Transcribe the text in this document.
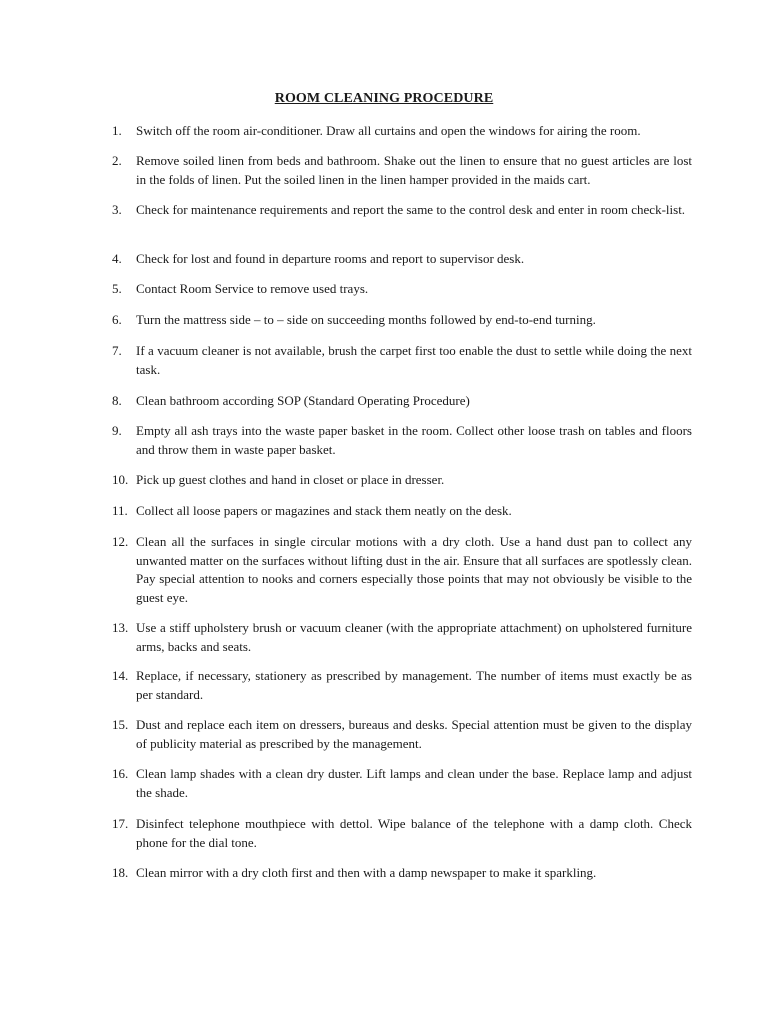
ROOM CLEANING PROCEDURE
1.	Switch off the room air-conditioner. Draw all curtains and open the windows for airing the room.
2.	Remove soiled linen from beds and bathroom. Shake out the linen to ensure that no guest articles are lost in the folds of linen. Put the soiled linen in the linen hamper provided in the maids cart.
3.	Check for maintenance requirements and report the same to the control desk and enter in room check-list.
4.	Check for lost and found in departure rooms and report to supervisor desk.
5.	Contact Room Service to remove used trays.
6.	Turn the mattress side – to – side on succeeding months followed by end-to-end turning.
7.	If a vacuum cleaner is not available, brush the carpet first too enable the dust to settle while doing the next task.
8.	Clean bathroom according SOP (Standard Operating Procedure)
9.	Empty all ash trays into the waste paper basket in the room. Collect other loose trash on tables and floors and throw them in waste paper basket.
10. Pick up guest clothes and hand in closet or place in dresser.
11. Collect all loose papers or magazines and stack them neatly on the desk.
12. Clean all the surfaces in single circular motions with a dry cloth. Use a hand dust pan to collect any unwanted matter on the surfaces without lifting dust in the air. Ensure that all surfaces are spotlessly clean. Pay special attention to nooks and corners especially those points that may not obviously be visible to the guest eye.
13. Use a stiff upholstery brush or vacuum cleaner (with the appropriate attachment) on upholstered furniture arms, backs and seats.
14. Replace, if necessary, stationery as prescribed by management. The number of items must exactly be as per standard.
15. Dust and replace each item on dressers, bureaus and desks. Special attention must be given to the display of publicity material as prescribed by the management.
16. Clean lamp shades with a clean dry duster. Lift lamps and clean under the base. Replace lamp and adjust the shade.
17. Disinfect telephone mouthpiece with dettol. Wipe balance of the telephone with a damp cloth. Check phone for the dial tone.
18. Clean mirror with a dry cloth first and then with a damp newspaper to make it sparkling.
